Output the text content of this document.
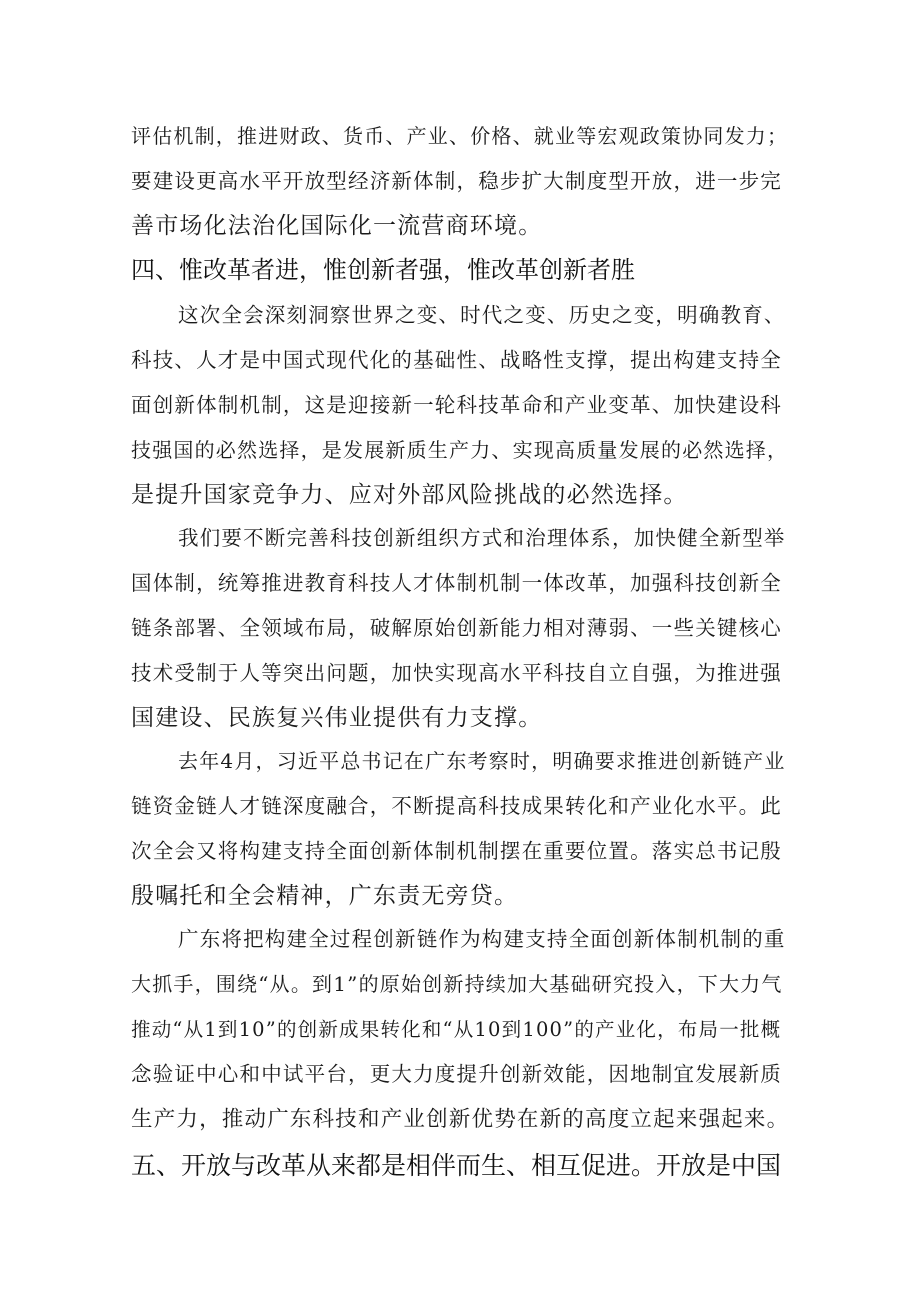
评估机制，推进财政、货币、产业、价格、就业等宏观政策协同发力；
要建设更高水平开放型经济新体制，稳步扩大制度型开放，进一步完
善市场化法治化国际化一流营商环境。
四、惟改革者进，惟创新者强，惟改革创新者胜
这次全会深刻洞察世界之变、时代之变、历史之变，明确教育、
科技、人才是中国式现代化的基础性、战略性支撑，提出构建支持全
面创新体制机制，这是迎接新一轮科技革命和产业变革、加快建设科
技强国的必然选择，是发展新质生产力、实现高质量发展的必然选择，
是提升国家竞争力、应对外部风险挑战的必然选择。
我们要不断完善科技创新组织方式和治理体系，加快健全新型举
国体制，统筹推进教育科技人才体制机制一体改革，加强科技创新全
链条部署、全领域布局，破解原始创新能力相对薄弱、一些关键核心
技术受制于人等突出问题，加快实现高水平科技自立自强，为推进强
国建设、民族复兴伟业提供有力支撑。
去年4月，习近平总书记在广东考察时，明确要求推进创新链产业
链资金链人才链深度融合，不断提高科技成果转化和产业化水平。此
次全会又将构建支持全面创新体制机制摆在重要位置。落实总书记殷
殷嘱托和全会精神，广东责无旁贷。
广东将把构建全过程创新链作为构建支持全面创新体制机制的重
大抓手，围绕“从。到1”的原始创新持续加大基础研究投入，下大力气
推动“从1到10”的创新成果转化和“从10到100”的产业化，布局一批概
念验证中心和中试平台，更大力度提升创新效能，因地制宜发展新质
生产力，推动广东科技和产业创新优势在新的高度立起来强起来。
五、开放与改革从来都是相伴而生、相互促进。开放是中国
